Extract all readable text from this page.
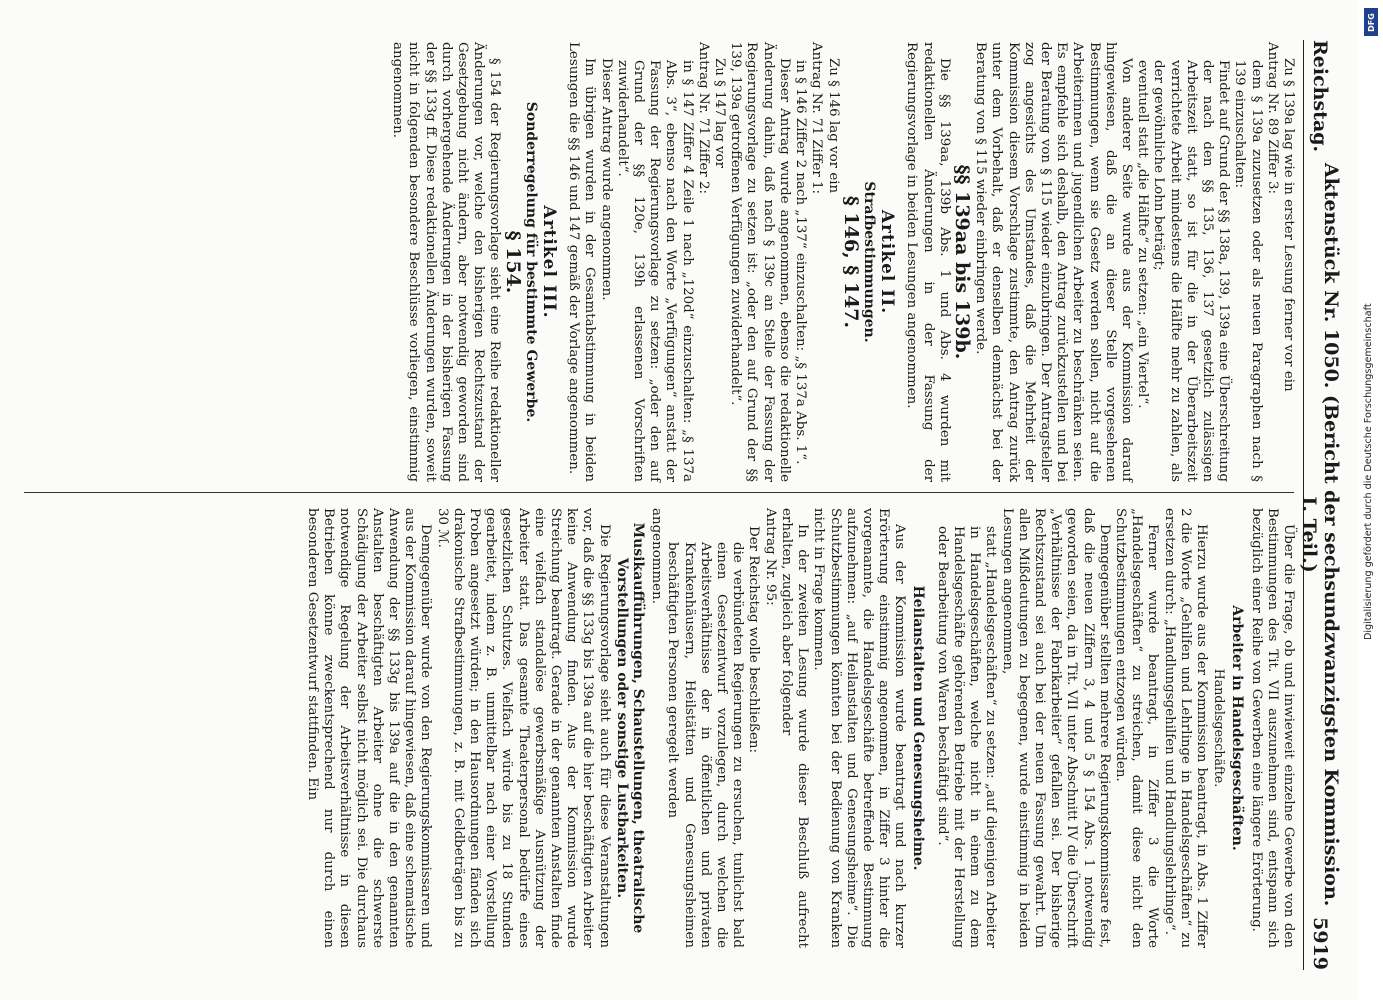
Reichstag.
Aktenstück Nr. 1050. (Bericht der sechsundzwanzigsten Kommission. I. Teil.)
5919
Zu § 139a lag wie in erster Lesung ferner vor ein
Antrag Nr. 89 Ziffer 3:
dem § 139a zuzusetzen oder als neuen Paragraphen nach § 139 einzuschalten:
Findet auf Grund der §§ 138a, 139, 139a eine Überschreitung der nach den §§ 135, 136, 137 gesetzlich zulässigen Arbeitszeit statt, so ist für die in der Überarbeitszeit verrichtete Arbeit mindestens die Hälfte mehr zu zahlen, als der gewöhnliche Lohn beträgt;
eventuell statt „die Hälfte“ zu setzen: „ein Viertel“.
Von anderer Seite wurde aus der Kommission darauf hingewiesen, daß die an dieser Stelle vorgesehenen Bestimmungen, wenn sie Gesetz werden sollen, nicht auf die Arbeiterinnen und jugendlichen Arbeiter zu beschränken seien. Es empfehle sich deshalb, den Antrag zurückzustellen und bei der Beratung von § 115 wieder einzubringen. Der Antragsteller zog angesichts des Umstandes, daß die Mehrheit der Kommission diesem Vorschlage zustimmte, den Antrag zurück unter dem Vorbehalt, daß er denselben demnächst bei der Beratung von § 115 wieder einbringen werde.
§§ 139aa bis 139b.
Die §§ 139aa, 139b Abs. 1 und Abs. 4 wurden mit redaktionellen Änderungen in der Fassung der Regierungsvorlage in beiden Lesungen angenommen.
Artikel II.
Strafbestimmungen.
§ 146, § 147.
Zu § 146 lag vor ein
Antrag Nr. 71 Ziffer 1:
in § 146 Ziffer 2 nach „137“ einzuschalten: „§ 137a Abs. 1“.
Dieser Antrag wurde angenommen, ebenso die redaktionelle Änderung dahin, daß nach § 139c an Stelle der Fassung der Regierungsvorlage zu setzen ist: „oder den auf Grund der §§ 139, 139a getroffenen Verfügungen zuwiderhandelt“.
Zu § 147 lag vor
Antrag Nr. 71 Ziffer 2:
in § 147 Ziffer 4 Zeile 1 nach „120d“ einzuschalten: „§ 137a Abs. 3“, ebenso nach den Worte „Verfügungen“ anstatt der Fassung der Regierungsvorlage zu setzen: „oder den auf Grund der §§ 120e, 139h erlassenen Vorschriften zuwiderhandelt“.
Dieser Antrag wurde angenommen.
Im übrigen wurden in der Gesamtabstimmung in beiden Lesungen die §§ 146 und 147 gemäß der Vorlage angenommen.
Artikel III.
Sonderregelung für bestimmte Gewerbe.
§ 154.
§ 154 der Regierungsvorlage sieht eine Reihe redaktioneller Änderungen vor, welche den bisherigen Rechtszustand der Gesetzgebung nicht ändern, aber notwendig geworden sind durch vorhergehende Änderungen in der bisherigen Fassung der §§ 133g ff. Diese redaktionellen Änderungen wurden, soweit nicht in folgenden besondere Beschlüsse vorliegen, einstimmig angenommen.
Über die Frage, ob und inwieweit einzelne Gewerbe von den Bestimmungen des Tit. VII auszunehmen sind, entspann sich bezüglich einer Reihe von Gewerben eine längere Erörterung.
Arbeiter in Handelsgeschäften.
Handelsgeschäfte.
Hierzu wurde aus der Kommission beantragt, in Abs. 1 Ziffer 2 die Worte „Gehilfen und Lehrlinge in Handelsgeschäften“ zu ersetzen durch: „Handlungsgehilfen und Handlungslehrlinge“.
Ferner wurde beantragt, in Ziffer 3 die Worte „Handelsgeschäften“ zu streichen, damit diese nicht den Schutzbestimmungen entzogen würden.
Demgegenüber stellten mehrere Regierungskommissare fest, daß die neuen Ziffern 3, 4 und 5 § 154 Abs. 1 notwendig geworden seien, da in Tit. VII unter Abschnitt IV die Überschrift „Verhältnisse der Fabrikarbeiter“ gefallen sei. Der bisherige Rechtszustand sei auch bei der neuen Fassung gewahrt. Um allen Mißdeutungen zu begegnen, wurde einstimmig in beiden Lesungen angenommen,
statt „Handelsgeschäften“ zu setzen: „auf diejenigen Arbeiter in Handelsgeschäften, welche nicht in einem zu dem Handelsgeschäfte gehörenden Betriebe mit der Herstellung oder Bearbeitung von Waren beschäftigt sind“.
Heilanstalten und Genesungsheime.
Aus der Kommission wurde beantragt und nach kurzer Erörterung einstimmig angenommen, in Ziffer 3 hinter die vorgenannte, die Handelsgeschäfte betreffende Bestimmung aufzunehmen: „auf Heilanstalten und Genesungsheime“. Die Schutzbestimmungen könnten bei der Bedienung von Kranken nicht in Frage kommen.
In der zweiten Lesung wurde dieser Beschluß aufrecht erhalten, zugleich aber folgender
Antrag Nr. 95:
Der Reichstag wolle beschließen:
die verbündeten Regierungen zu ersuchen, tunlichst bald einen Gesetzentwurf vorzulegen, durch welchen die Arbeitsverhältnisse der in öffentlichen und privaten Krankenhäusern, Heilstätten und Genesungsheimen beschäftigten Personen geregelt werden
angenommen.
Musikaufführungen, Schaustellungen, theatralische Vorstellungen oder sonstige Lustbarkeiten.
Die Regierungsvorlage sieht auch für diese Veranstaltungen vor, daß die §§ 133g bis 139a auf die hier beschäftigten Arbeiter keine Anwendung finden. Aus der Kommission wurde Streichung beantragt. Gerade in der genannten Anstalten finde eine vielfach standalöse gewerbsmäßige Ausnützung der Arbeiter statt. Das gesamte Theaterpersonal bedürfe eines gesetzlichen Schutzes. Vielfach würde bis zu 18 Stunden gearbeitet, indem z. B. unmittelbar nach einer Vorstellung Proben angesetzt würden; in den Hausordnungen fänden sich drakonische Strafbestimmungen, z. B. mit Geldbeträgen bis zu 30 ℳ.
Demgegenüber wurde von den Regierungskommissaren und aus der Kommission darauf hingewiesen, daß eine schematische Anwendung der §§ 133g bis 139a auf die in den genannten Anstalten beschäftigten Arbeiter ohne die schwerste Schädigung der Arbeiter selbst nicht möglich sei. Die durchaus notwendige Regelung der Arbeitsverhältnisse in diesen Betrieben könne zweckentsprechend nur durch einen besonderen Gesetzentwurf stattfinden. Ein
DFG
Digitalisierung gefördert durch die Deutsche Forschungsgemeinschaft
